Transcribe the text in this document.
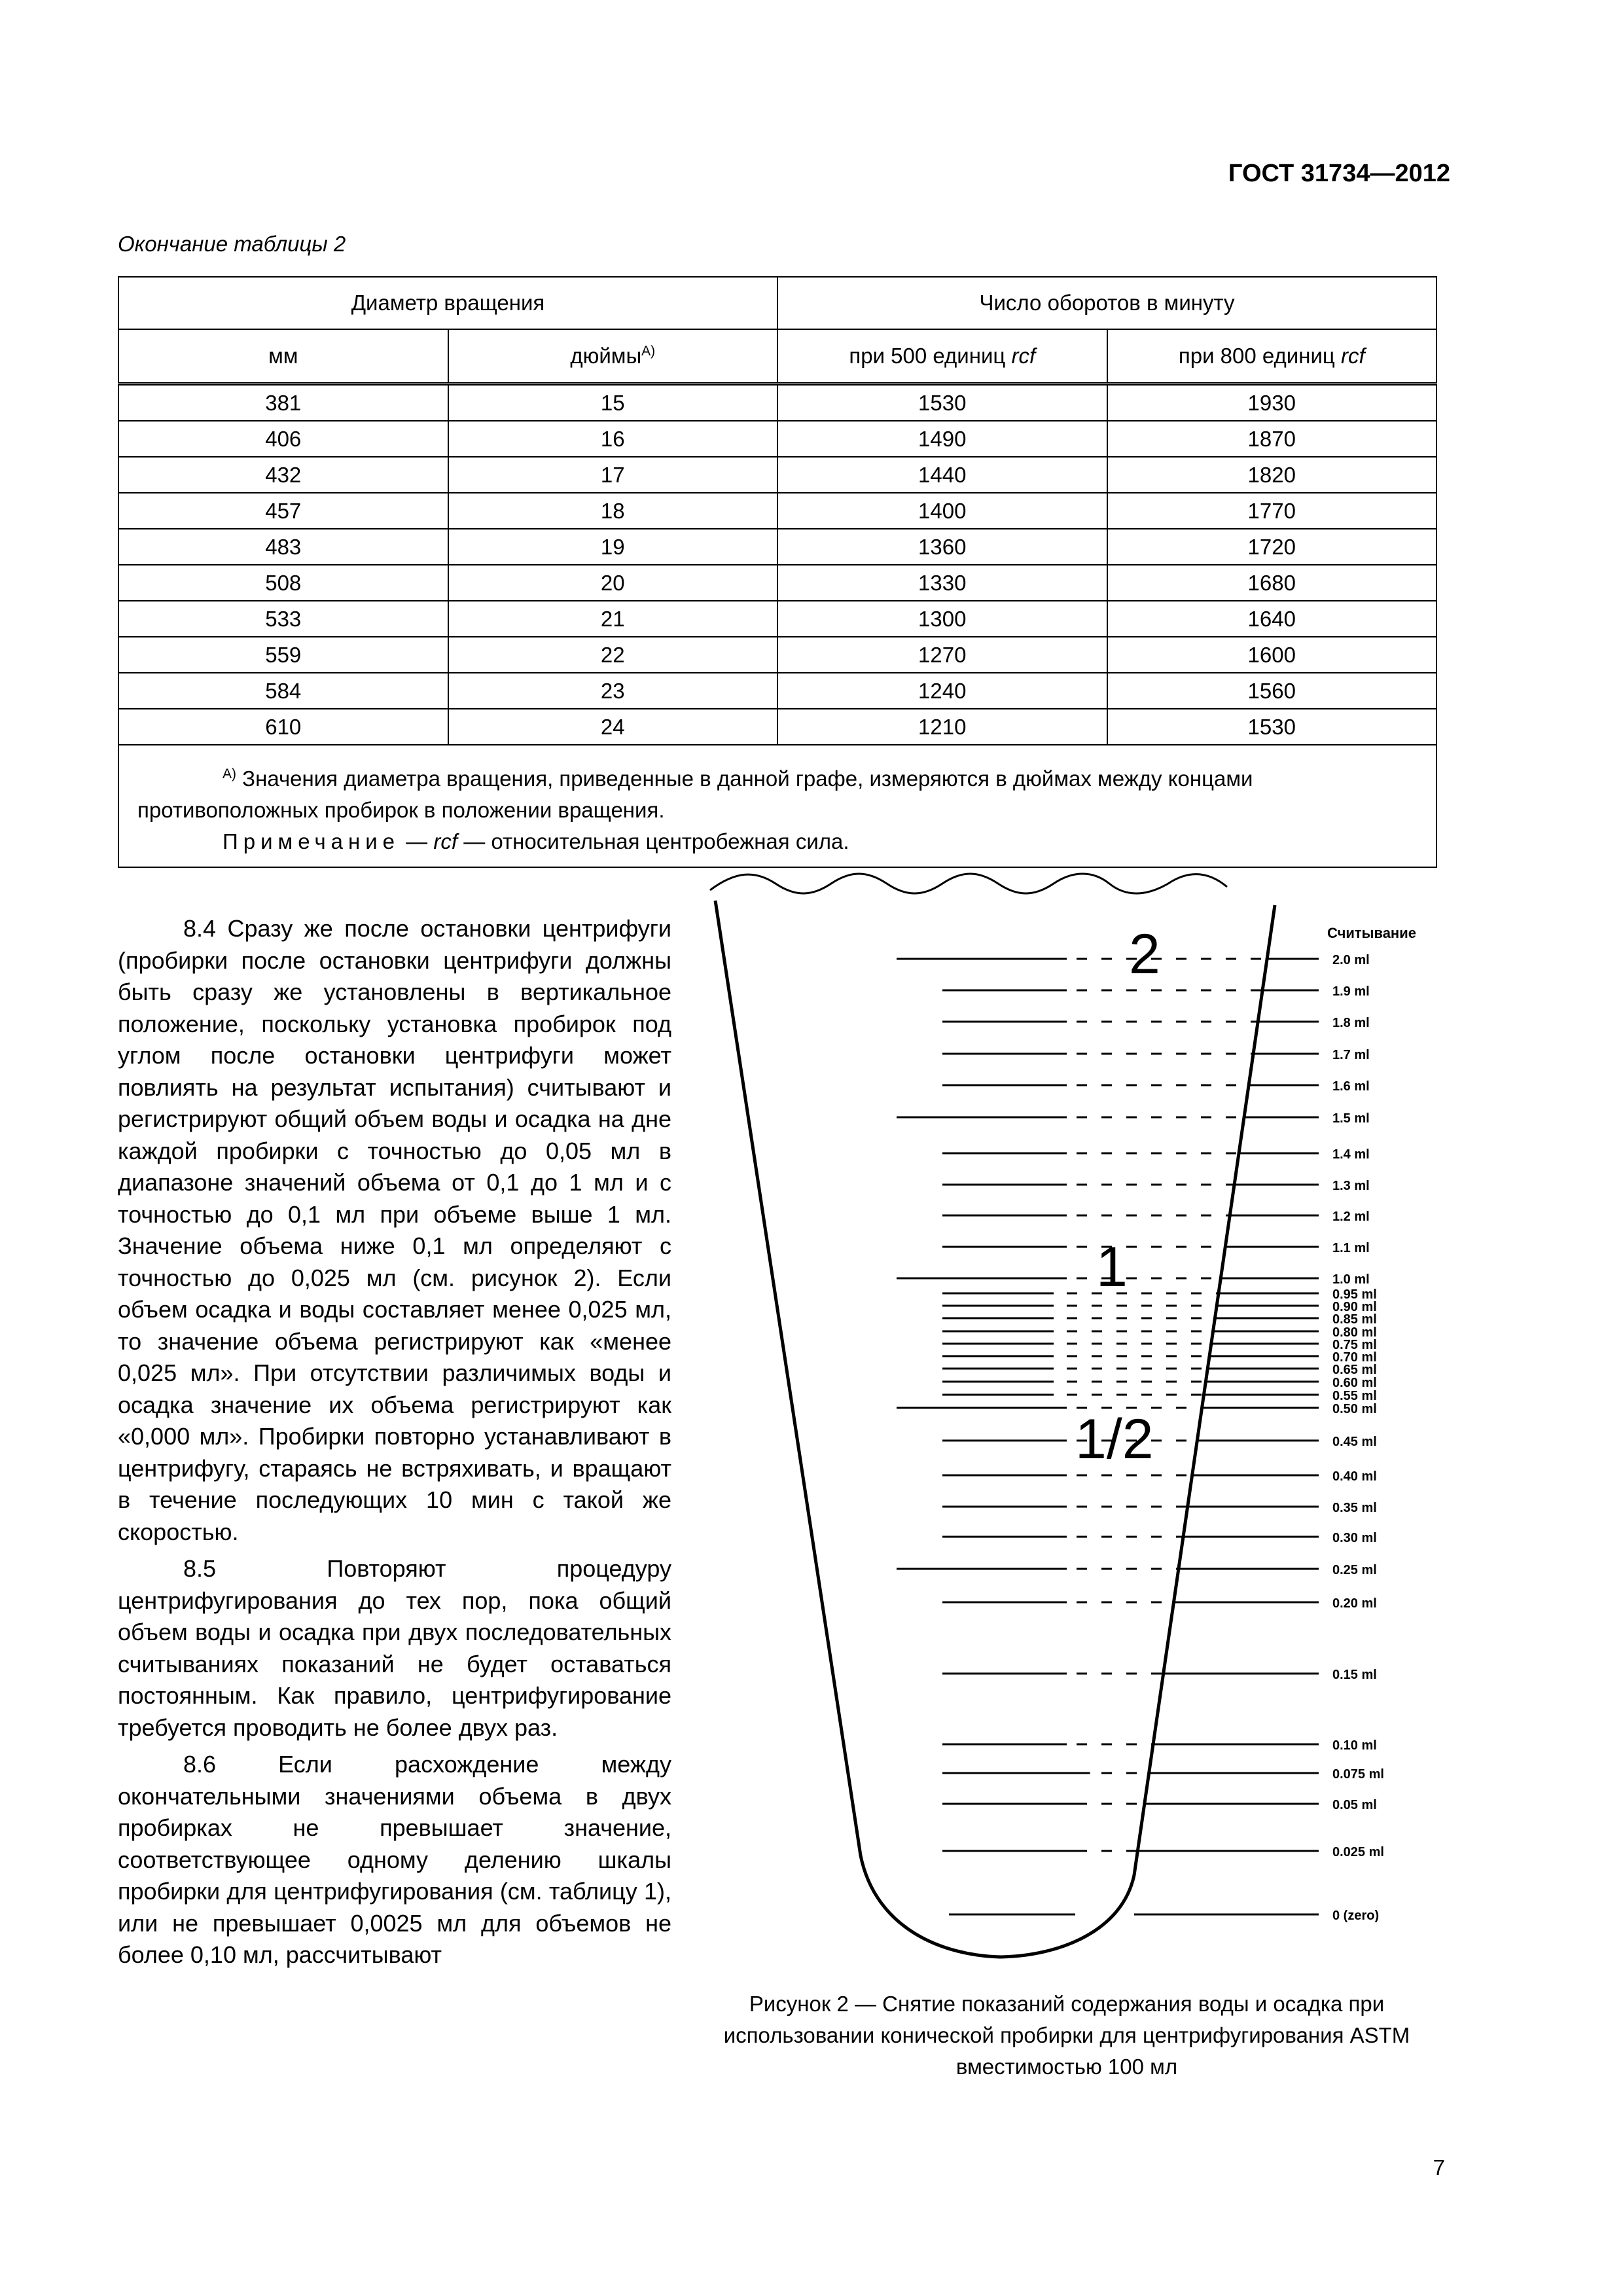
ГОСТ 31734—2012
Окончание таблицы 2
Диаметр вращения		Число оборотов в минуту	
мм	дюймы$^{А)}$	при 500 единиц rcf	при 800 единиц rcf
381	15	1530	1930
406	16	1490	1870
432	17	1440	1820
457	18	1400	1770
483	19	1360	1720
508	20	1330	1680
533	21	1300	1640
559	22	1270	1600
584	23	1240	1560
610	24	1210	1530

$^{А)}$ Значения диаметра вращения, приведенные в данной графе, измеряются в дюймах между концами противоположных пробирок в положении вращения.
Примечание — rcf — относительная центробежная сила.			

8.4 Сразу же после остановки центрифуги (пробирки после остановки центрифуги должны быть сразу же установлены в вертикальное положение, поскольку установка пробирок под углом после остановки центрифуги может повлиять на результат испытания) считывают и регистрируют общий объем воды и осадка на дне каждой пробирки с точностью до 0,05 мл в диапазоне значений объема от 0,1 до 1 мл и с точностью до 0,1 мл при объеме выше 1 мл. Значение объема ниже 0,1 мл определяют с точностью до 0,025 мл (см. рисунок 2). Если объем осадка и воды составляет менее 0,025 мл, то значение объема регистрируют как «менее 0,025 мл». При отсутствии различимых воды и осадка значение их объема регистрируют как «0,000 мл». Пробирки повторно устанавливают в центрифугу, стараясь не встряхивать, и вращают в течение последующих 10 мин с такой же скоростью.

8.5 Повторяют процедуру центрифугирования до тех пор, пока общий объем воды и осадка при двух последовательных считываниях показаний не будет оставаться постоянным. Как правило, центрифугирование требуется проводить не более двух раз.

8.6 Если расхождение между окончательными значениями объема в двух пробирках не превышает значение, соответствующее одному делению шкалы пробирки для центрифугирования (см. таблицу 1), или не превышает 0,0025 мл для объемов не более 0,10 мл, рассчитывают

2.0 ml
1.9 ml
1.8 ml
1.7 ml
1.6 ml
1.5 ml
1.4 ml
1.3 ml
1.2 ml
1.1 ml
1.0 ml
0.95 ml
0.90 ml
0.85 ml
0.80 ml
0.75 ml
0.70 ml
0.65 ml
0.60 ml
0.55 ml
0.50 ml
0.45 ml
0.40 ml
0.35 ml
0.30 ml
0.25 ml
0.20 ml
0.15 ml
0.10 ml
0.075 ml
0.05 ml
0.025 ml
0 (zero)
Считывание
2
1
1/2
Рисунок 2 — Снятие показаний содержания воды и осадка при использовании конической пробирки для центрифугирования ASTM вместимостью 100 мл
7
